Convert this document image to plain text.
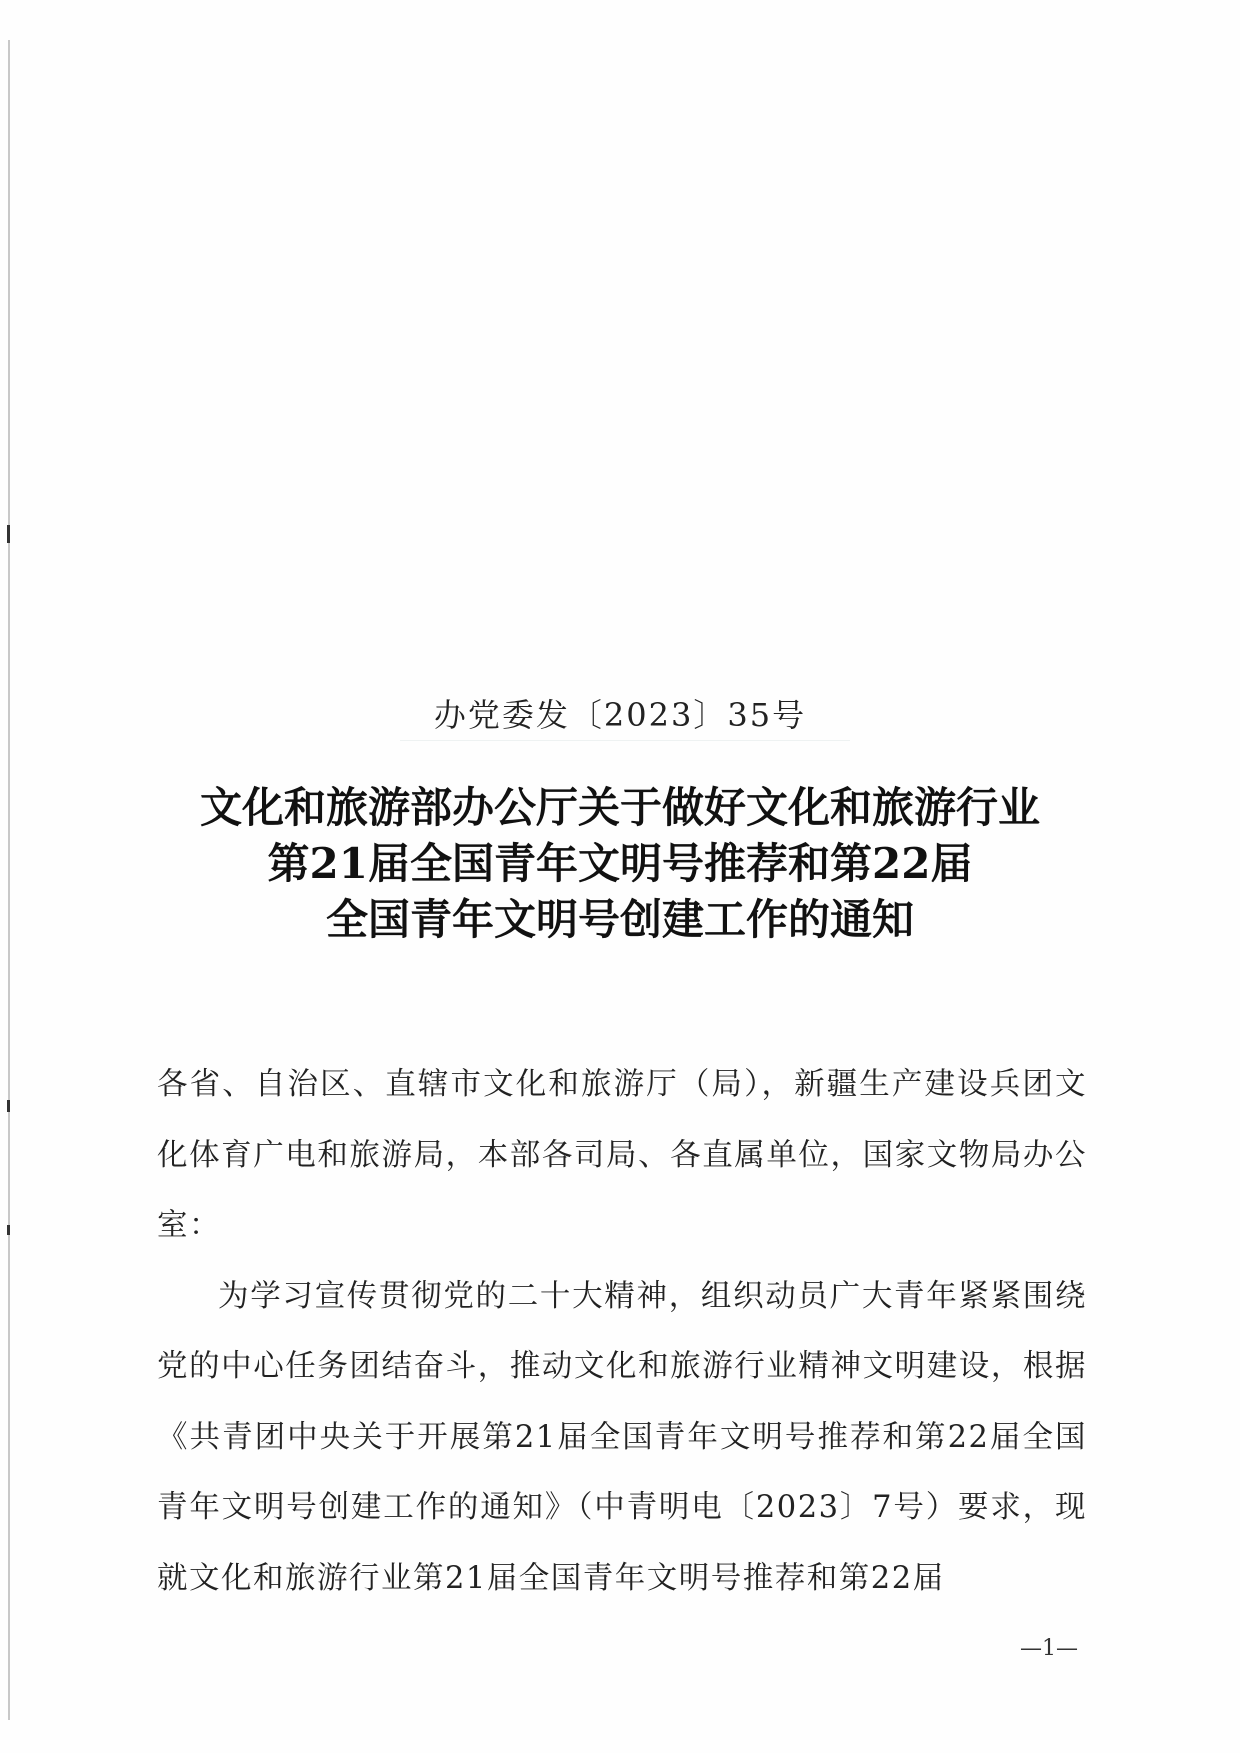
办党委发〔2023〕35号
文化和旅游部办公厅关于做好文化和旅游行业
第21届全国青年文明号推荐和第22届
全国青年文明号创建工作的通知

各省、自治区、直辖市文化和旅游厅（局），新疆生产建设兵团文化体育广电和旅游局，本部各司局、各直属单位，国家文物局办公室：

为学习宣传贯彻党的二十大精神，组织动员广大青年紧紧围绕党的中心任务团结奋斗，推动文化和旅游行业精神文明建设，根据《共青团中央关于开展第21届全国青年文明号推荐和第22届全国青年文明号创建工作的通知》（中青明电〔2023〕7号）要求，现就文化和旅游行业第21届全国青年文明号推荐和第22届

—1—
